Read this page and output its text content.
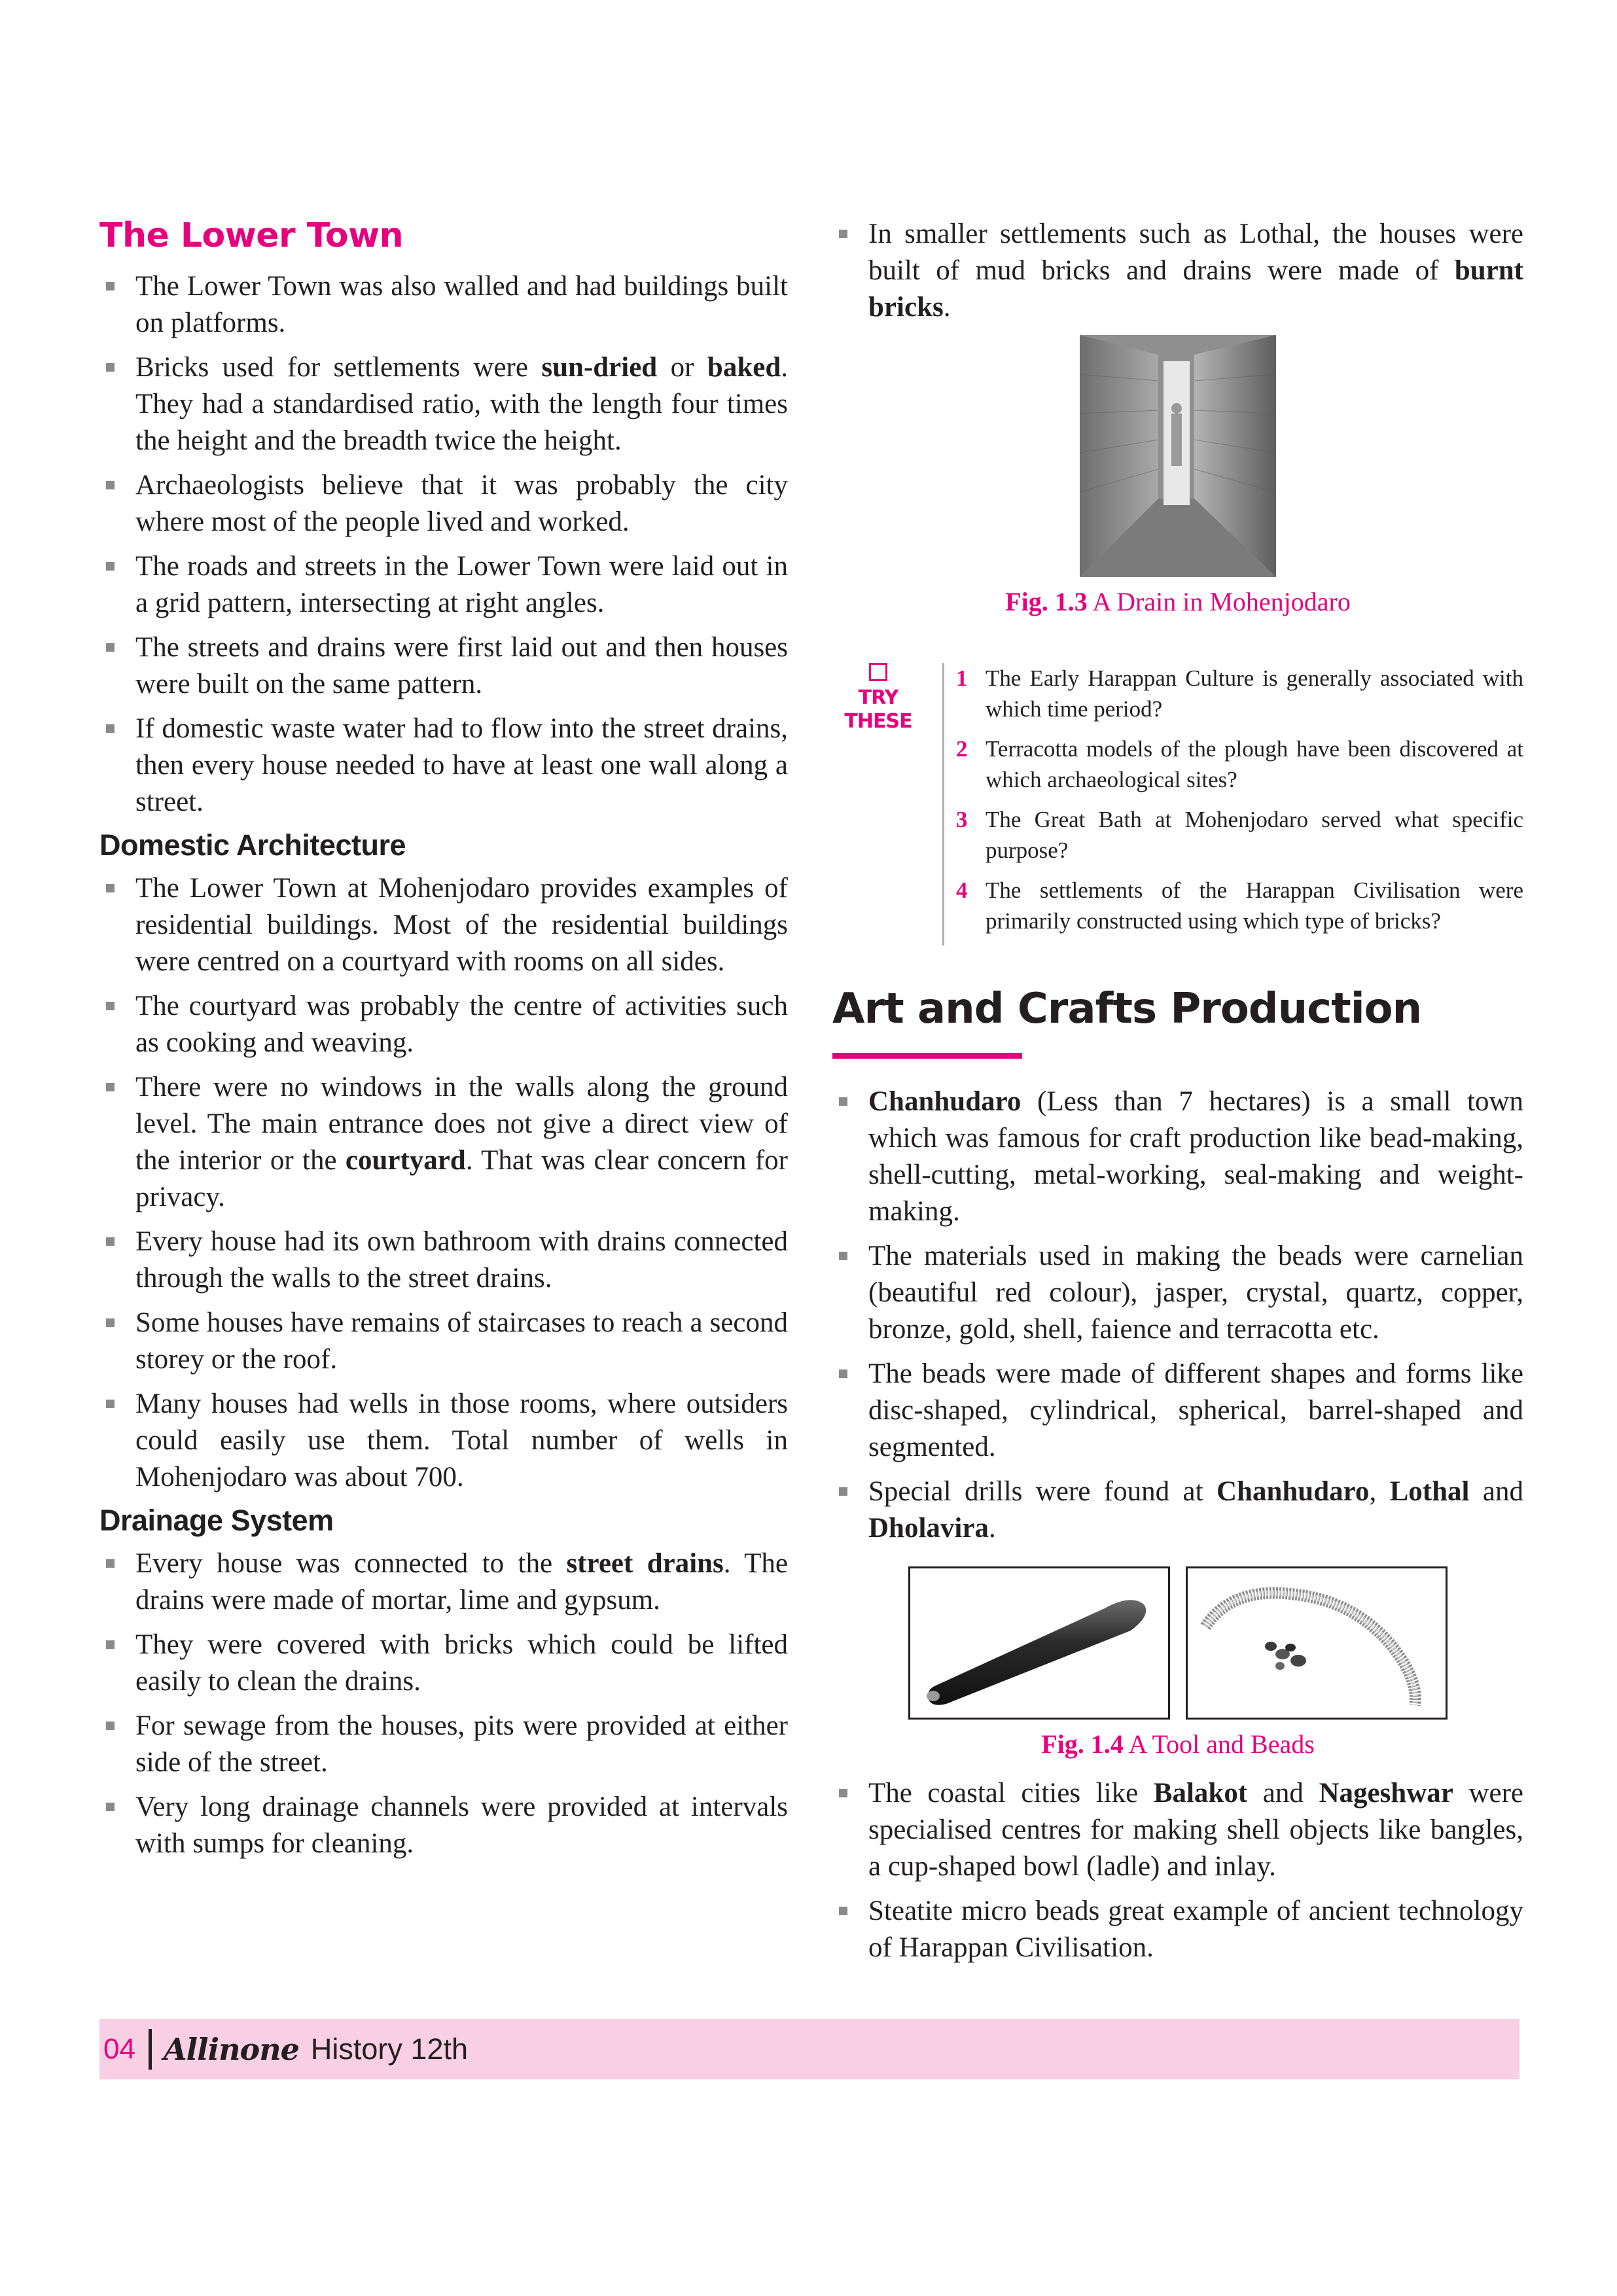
The Lower Town
The Lower Town was also walled and had buildings built on platforms.
Bricks used for settlements were sun-dried or baked. They had a standardised ratio, with the length four times the height and the breadth twice the height.
Archaeologists believe that it was probably the city where most of the people lived and worked.
The roads and streets in the Lower Town were laid out in a grid pattern, intersecting at right angles.
The streets and drains were first laid out and then houses were built on the same pattern.
If domestic waste water had to flow into the street drains, then every house needed to have at least one wall along a street.
Domestic Architecture
The Lower Town at Mohenjodaro provides examples of residential buildings. Most of the residential buildings were centred on a courtyard with rooms on all sides.
The courtyard was probably the centre of activities such as cooking and weaving.
There were no windows in the walls along the ground level. The main entrance does not give a direct view of the interior or the courtyard. That was clear concern for privacy.
Every house had its own bathroom with drains connected through the walls to the street drains.
Some houses have remains of staircases to reach a second storey or the roof.
Many houses had wells in those rooms, where outsiders could easily use them. Total number of wells in Mohenjodaro was about 700.
Drainage System
Every house was connected to the street drains. The drains were made of mortar, lime and gypsum.
They were covered with bricks which could be lifted easily to clean the drains.
For sewage from the houses, pits were provided at either side of the street.
Very long drainage channels were provided at intervals with sumps for cleaning.
In smaller settlements such as Lothal, the houses were built of mud bricks and drains were made of burnt bricks.

Fig. 1.3 A Drain in Mohenjodaro

TRY
THESE
1 The Early Harappan Culture is generally associated with which time period?
2 Terracotta models of the plough have been discovered at which archaeological sites?
3 The Great Bath at Mohenjodaro served what specific purpose?
4 The settlements of the Harappan Civilisation were primarily constructed using which type of bricks?
Art and Crafts Production
Chanhudaro (Less than 7 hectares) is a small town which was famous for craft production like bead-making, shell-cutting, metal-working, seal-making and weight-making.
The materials used in making the beads were carnelian (beautiful red colour), jasper, crystal, quartz, copper, bronze, gold, shell, faience and terracotta etc.
The beads were made of different shapes and forms like disc-shaped, cylindrical, spherical, barrel-shaped and segmented.
Special drills were found at Chanhudaro, Lothal and Dholavira.

Fig. 1.4 A Tool and Beads

The coastal cities like Balakot and Nageshwar were specialised centres for making shell objects like bangles, a cup-shaped bowl (ladle) and inlay.
Steatite micro beads great example of ancient technology of Harappan Civilisation.
04 Allinone History 12th
